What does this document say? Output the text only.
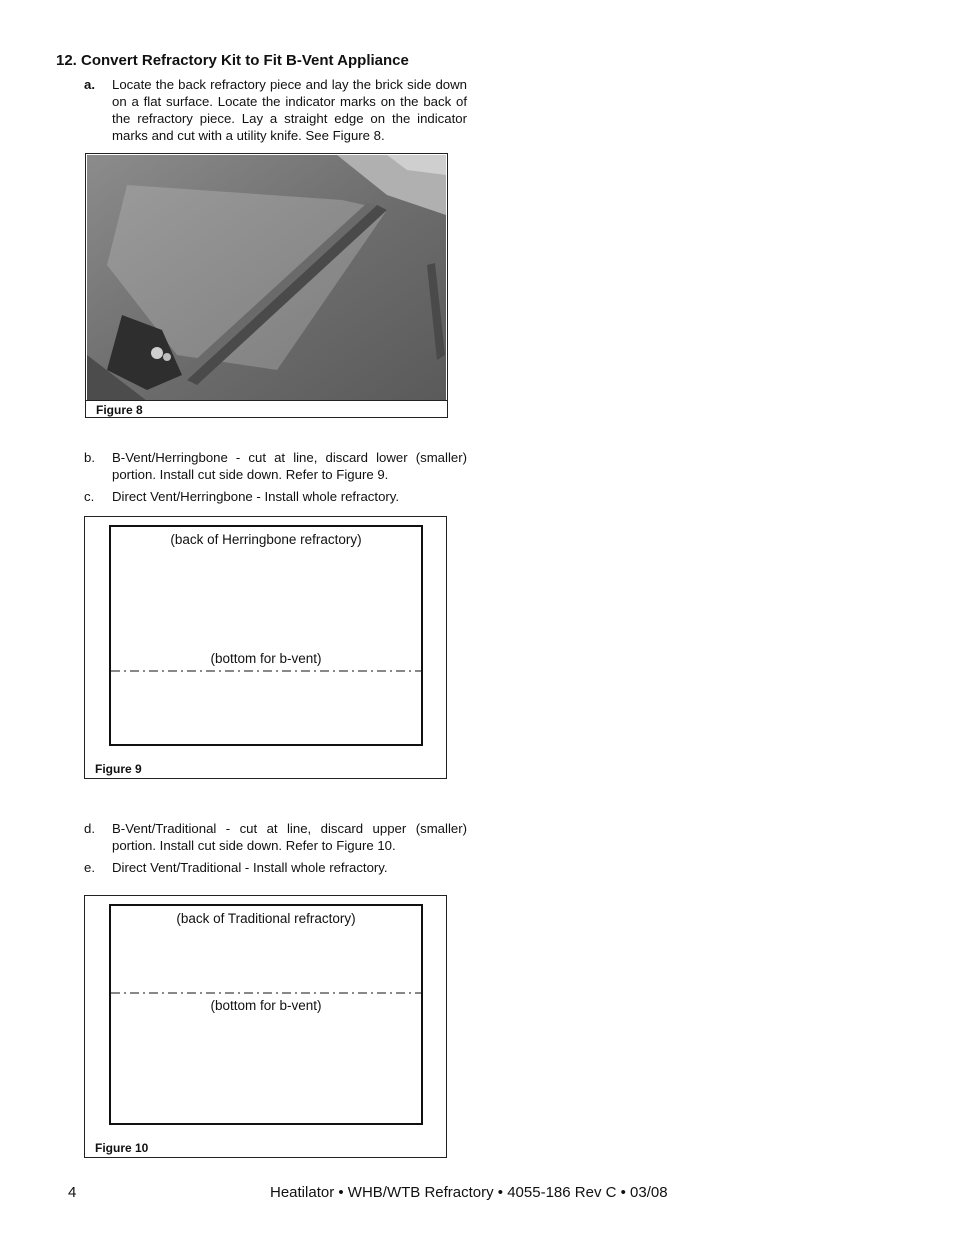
12. Convert Refractory Kit to Fit B-Vent Appliance
a. Locate the back refractory piece and lay the brick side down on a flat surface. Locate the indicator marks on the back of the refractory piece. Lay a straight edge on the indicator marks and cut with a utility knife. See Figure 8.
Figure 8
b. B-Vent/Herringbone - cut at line, discard lower (smaller) portion. Install cut side down. Refer to Figure 9.
c. Direct Vent/Herringbone - Install whole refractory.
(back of Herringbone refractory)
(bottom for b-vent)
Figure 9
d. B-Vent/Traditional - cut at line, discard upper (smaller) portion. Install cut side down. Refer to Figure 10.
e. Direct Vent/Traditional - Install whole refractory.
(back of Traditional refractory)
(bottom for b-vent)
Figure 10
4	Heatilator • WHB/WTB Refractory • 4055-186 Rev C • 03/08
